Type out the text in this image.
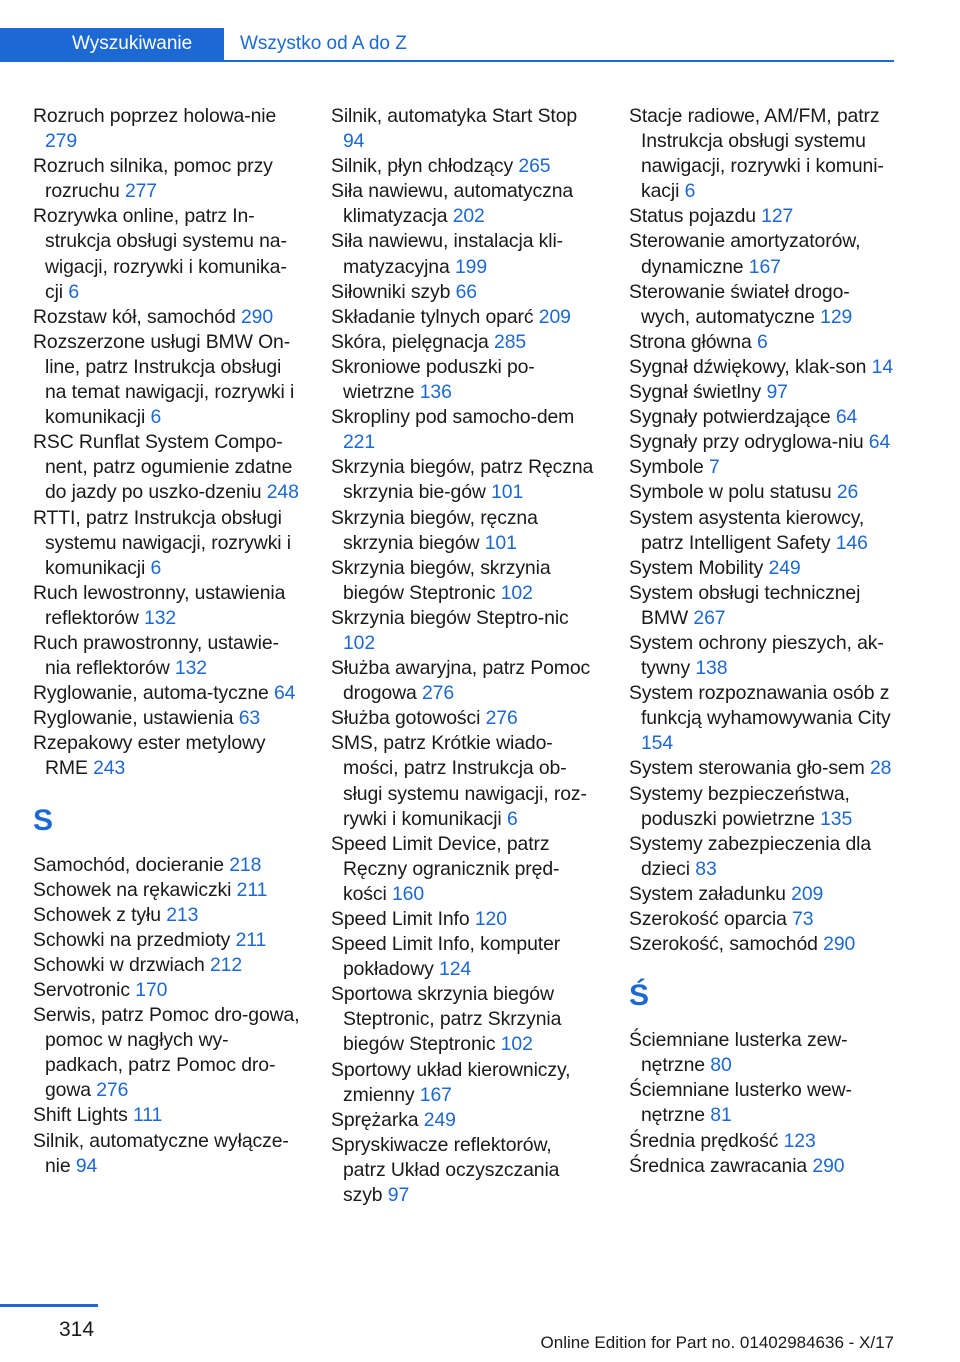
Wyszukiwanie	Wszystko od A do Z
Rozruch poprzez holowa-nie 279
Rozruch silnika, pomoc przy rozruchu 277
Rozrywka online, patrz In-strukcja obsługi systemu na-wigacji, rozrywki i komunika-cji 6
Rozstaw kół, samochód 290
Rozszerzone usługi BMW On-line, patrz Instrukcja obsługi na temat nawigacji, rozrywki i komunikacji 6
RSC Runflat System Compo-nent, patrz ogumienie zdatne do jazdy po uszko-dzeniu 248
RTTI, patrz Instrukcja obsługi systemu nawigacji, rozrywki i komunikacji 6
Ruch lewostronny, ustawienia reflektorów 132
Ruch prawostronny, ustawie-nia reflektorów 132
Ryglowanie, automa-tyczne 64
Ryglowanie, ustawienia 63
Rzepakowy ester metylowy RME 243
S
Samochód, docieranie 218
Schowek na rękawiczki 211
Schowek z tyłu 213
Schowki na przedmioty 211
Schowki w drzwiach 212
Servotronic 170
Serwis, patrz Pomoc dro-gowa, pomoc w nagłych wy-padkach, patrz Pomoc dro-gowa 276
Shift Lights 111
Silnik, automatyczne wyłącze-nie 94
Silnik, automatyka Start Stop 94
Silnik, płyn chłodzący 265
Siła nawiewu, automatyczna klimatyzacja 202
Siła nawiewu, instalacja kli-matyzacyjna 199
Siłowniki szyb 66
Składanie tylnych oparć 209
Skóra, pielęgnacja 285
Skroniowe poduszki po-wietrzne 136
Skropliny pod samocho-dem 221
Skrzynia biegów, patrz Ręczna skrzynia bie-gów 101
Skrzynia biegów, ręczna skrzynia biegów 101
Skrzynia biegów, skrzynia biegów Steptronic 102
Skrzynia biegów Steptro-nic 102
Służba awaryjna, patrz Pomoc drogowa 276
Służba gotowości 276
SMS, patrz Krótkie wiado-mości, patrz Instrukcja ob-sługi systemu nawigacji, roz-rywki i komunikacji 6
Speed Limit Device, patrz Ręczny ogranicznik pręd-kości 160
Speed Limit Info 120
Speed Limit Info, komputer pokładowy 124
Sportowa skrzynia biegów Steptronic, patrz Skrzynia biegów Steptronic 102
Sportowy układ kierowniczy, zmienny 167
Sprężarka 249
Spryskiwacze reflektorów, patrz Układ oczyszczania szyb 97
Stacje radiowe, AM/FM, patrz Instrukcja obsługi systemu nawigacji, rozrywki i komuni-kacji 6
Status pojazdu 127
Sterowanie amortyzatorów, dynamiczne 167
Sterowanie świateł drogo-wych, automatyczne 129
Strona główna 6
Sygnał dźwiękowy, klak-son 14
Sygnał świetlny 97
Sygnały potwierdzające 64
Sygnały przy odryglowa-niu 64
Symbole 7
Symbole w polu statusu 26
System asystenta kierowcy, patrz Intelligent Safety 146
System Mobility 249
System obsługi technicznej BMW 267
System ochrony pieszych, ak-tywny 138
System rozpoznawania osób z funkcją wyhamowywania City 154
System sterowania gło-sem 28
Systemy bezpieczeństwa, poduszki powietrzne 135
Systemy zabezpieczenia dla dzieci 83
System załadunku 209
Szerokość oparcia 73
Szerokość, samochód 290
Ś
Ściemniane lusterka zew-nętrzne 80
Ściemniane lusterko wew-nętrzne 81
Średnia prędkość 123
Średnica zawracania 290
314
Online Edition for Part no. 01402984636 - X/17
